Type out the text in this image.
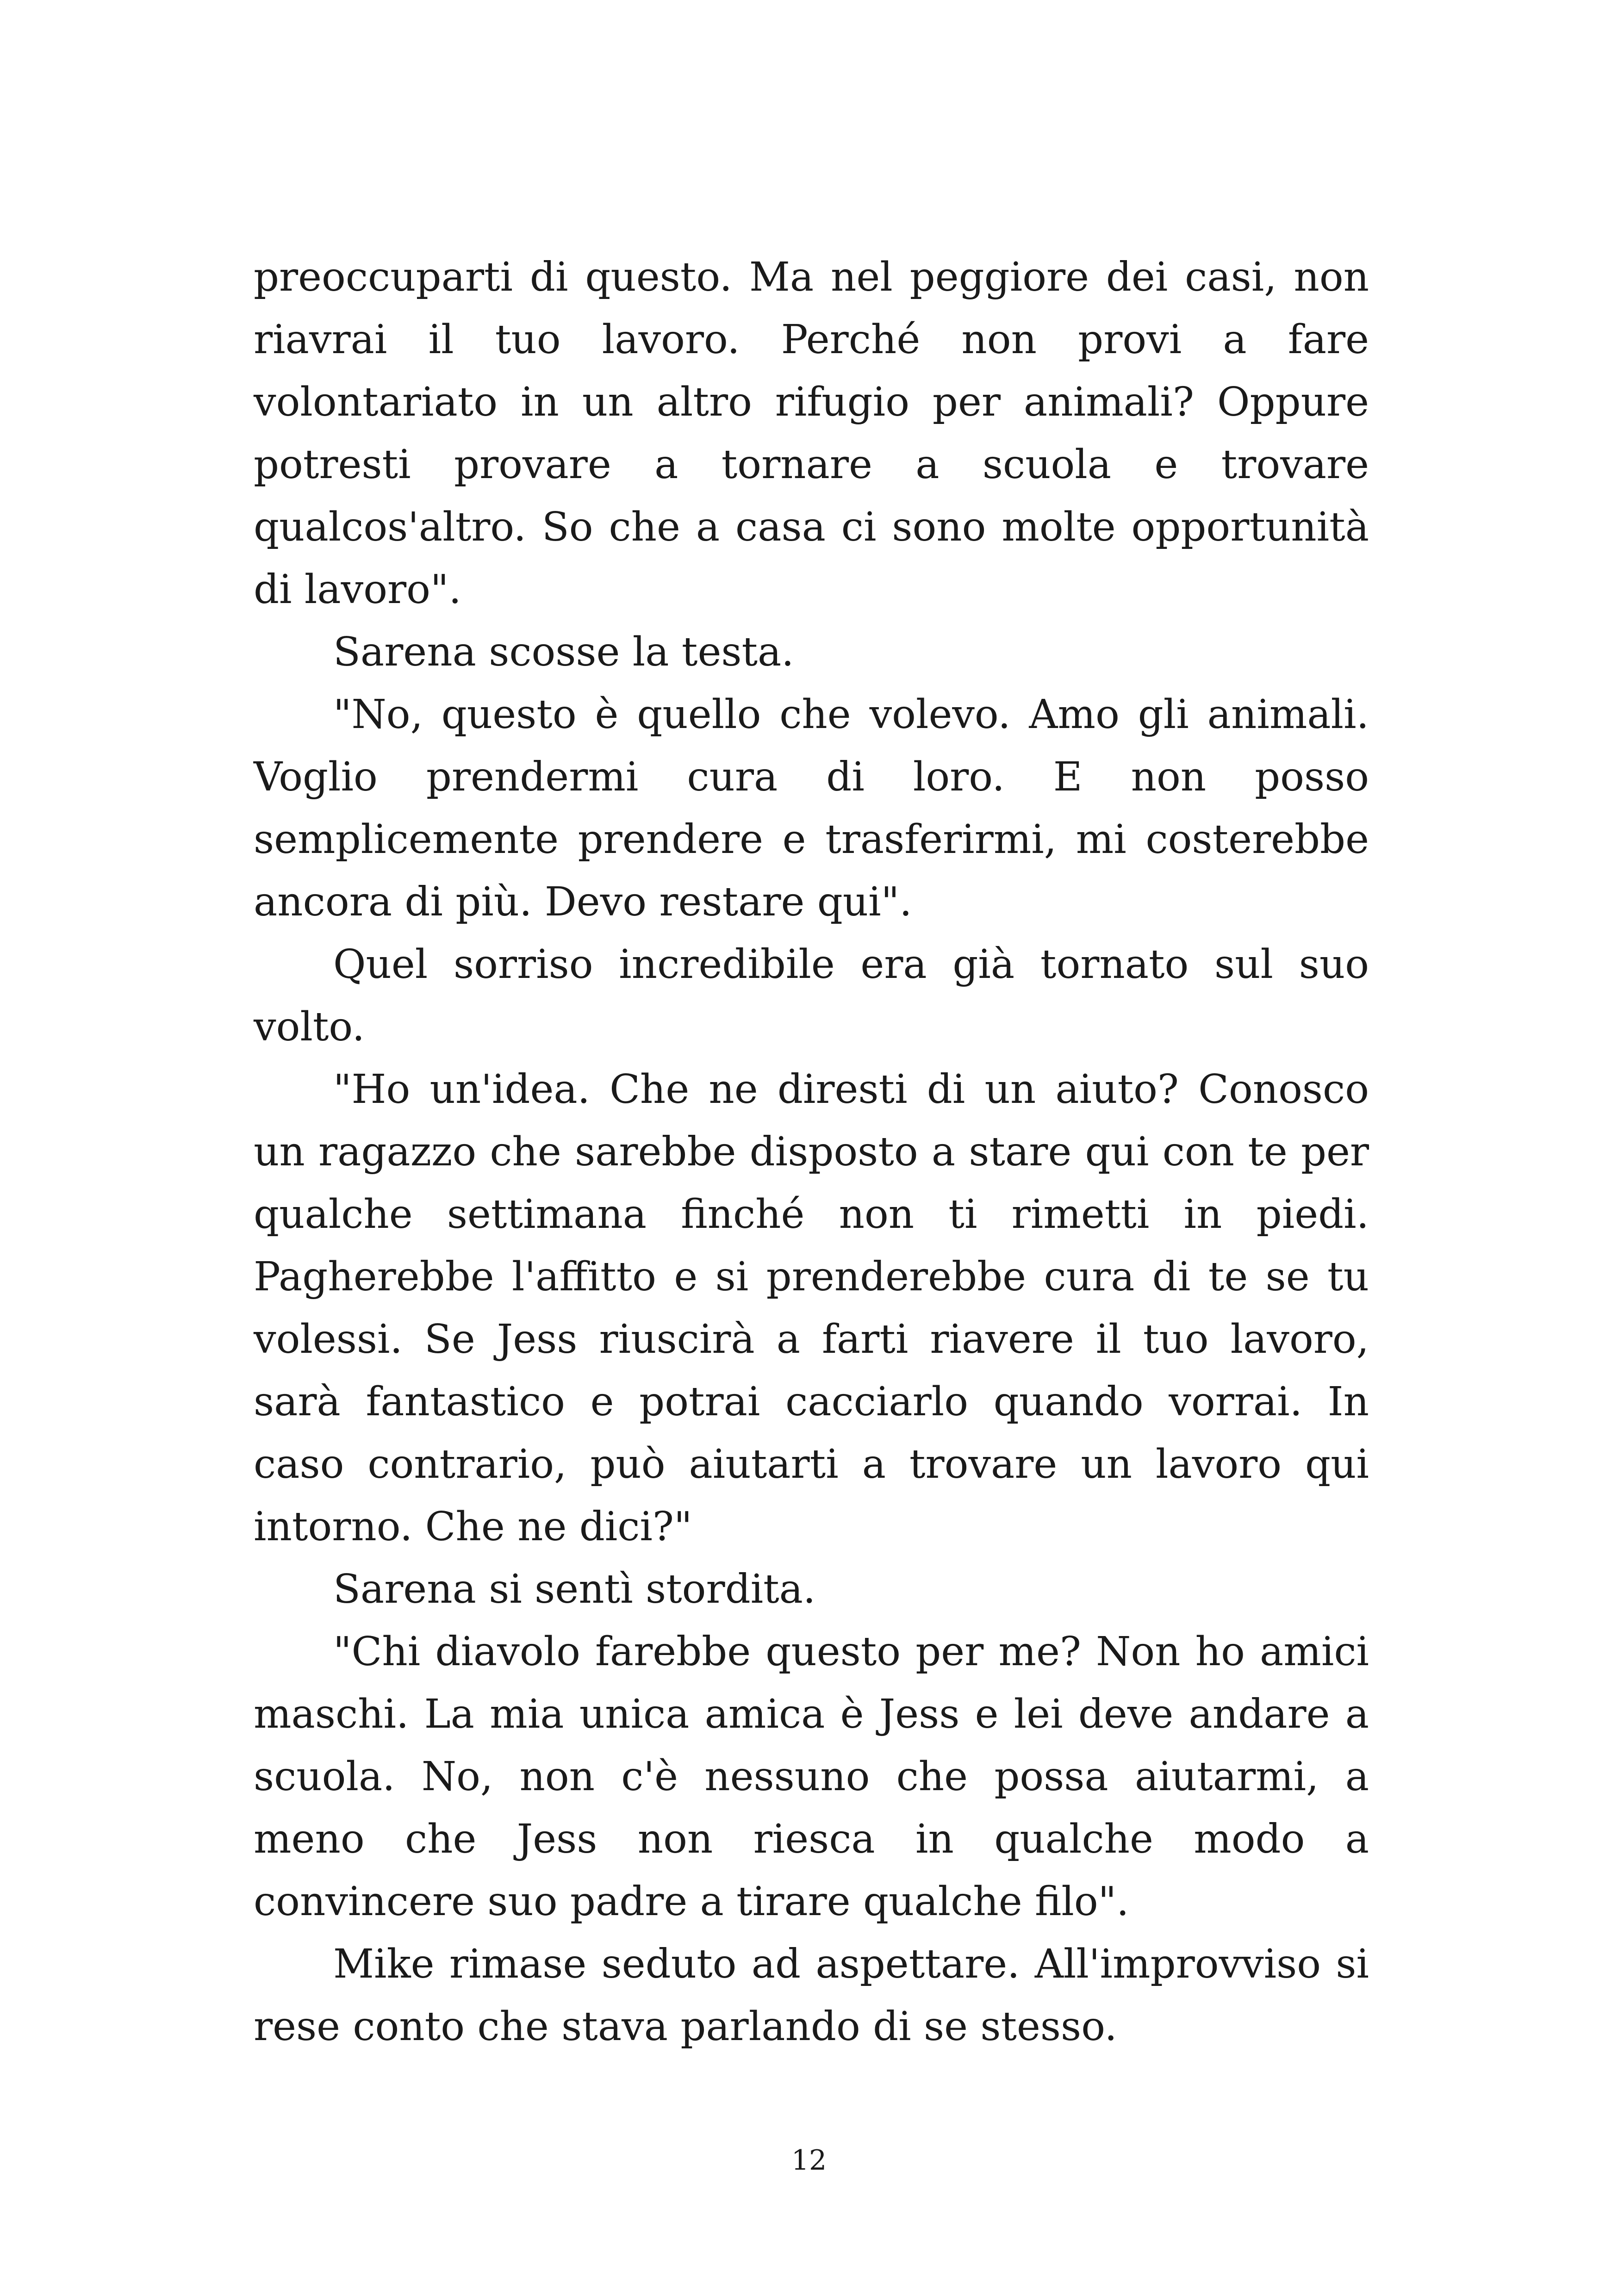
preoccuparti di questo. Ma nel peggiore dei casi, non riavrai il tuo lavoro. Perché non provi a fare volontariato in un altro rifugio per animali? Oppure potresti provare a tornare a scuola e trovare qualcos'altro. So che a casa ci sono molte opportunità di lavoro".

Sarena scosse la testa.

"No, questo è quello che volevo. Amo gli animali. Voglio prendermi cura di loro. E non posso semplicemente prendere e trasferirmi, mi costerebbe ancora di più. Devo restare qui".

Quel sorriso incredibile era già tornato sul suo volto.

"Ho un'idea. Che ne diresti di un aiuto? Conosco un ragazzo che sarebbe disposto a stare qui con te per qualche settimana finché non ti rimetti in piedi. Pagherebbe l'affitto e si prenderebbe cura di te se tu volessi. Se Jess riuscirà a farti riavere il tuo lavoro, sarà fantastico e potrai cacciarlo quando vorrai. In caso contrario, può aiutarti a trovare un lavoro qui intorno. Che ne dici?"

Sarena si sentì stordita.

"Chi diavolo farebbe questo per me? Non ho amici maschi. La mia unica amica è Jess e lei deve andare a scuola. No, non c'è nessuno che possa aiutarmi, a meno che Jess non riesca in qualche modo a convincere suo padre a tirare qualche filo".

Mike rimase seduto ad aspettare. All'improvviso si rese conto che stava parlando di se stesso.

12
